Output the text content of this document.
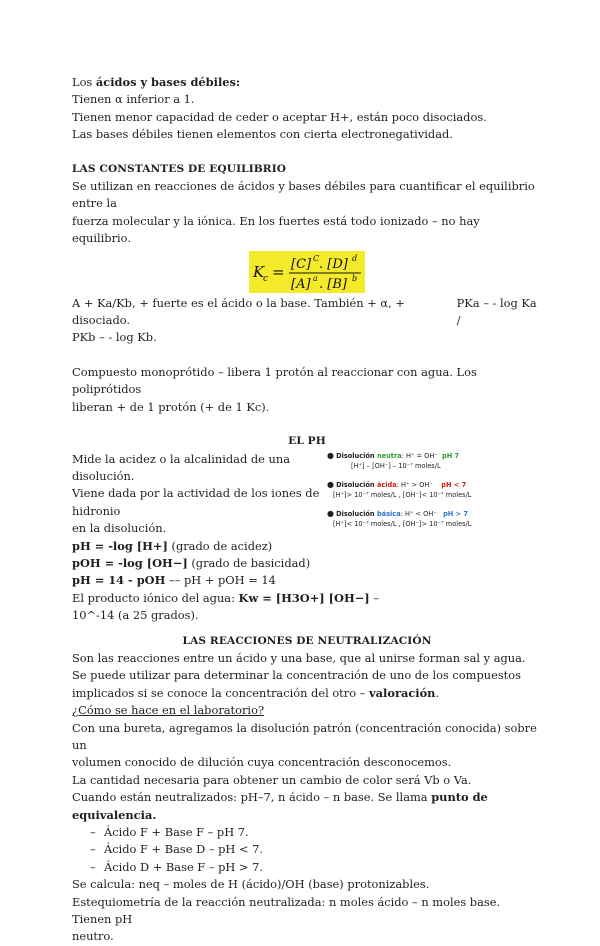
Los ácidos y bases débiles:

Tienen α inferior a 1.

Tienen menor capacidad de ceder o aceptar H+, están poco disociados.

Las bases débiles tienen elementos con cierta electronegatividad.

LAS CONSTANTES DE EQUILIBRIO

Se utilizan en reacciones de ácidos y bases débiles para cuantificar el equilibrio entre la

fuerza molecular y la iónica. En los fuertes está todo ionizado – no hay equilibrio.

K
c = [C] C . [D] d
[A] a . [B] b
A + Ka/Kb, + fuerte es el ácido o la base. También + α, + disociado.
PKa – - log Ka /

PKb – - log Kb.

Compuesto monoprótido – libera 1 protón al reaccionar con agua. Los poliprótidos

liberan + de 1 protón (+ de 1 Kc).

EL PH

Mide la acidez o la alcalinidad de una disolución.

Viene dada por la actividad de los iones de hidronio

en la disolución.

pH = -log [H+] (grado de acidez)

pOH = -log [OH−] (grado de basicidad)

pH = 14 - pOH –– pH + pOH = 14

El producto iónico del agua: Kw = [H3O+] [OH−] –

10^-14 (a 25 grados).

● Disolución neutra: H⁺ = OH⁻ pH 7
[H⁺] – [OH⁻] – 10⁻⁷ moles/L
● Disolución ácida: H⁺ > OH⁻ pH < 7
[H⁺]> 10⁻⁷ moles/L , [OH⁻]< 10⁻⁷ moles/L
● Disolución básica: H⁺ < OH⁻ pH > 7
[H⁺]< 10⁻⁷ moles/L , [OH⁻]> 10⁻⁷ moles/L

LAS REACCIONES DE NEUTRALIZACIÓN

Son las reacciones entre un ácido y una base, que al unirse forman sal y agua.

Se puede utilizar para determinar la concentración de uno de los compuestos

implicados si se conoce la concentración del otro – valoración.

¿Cómo se hace en el laboratorio?

Con una bureta, agregamos la disolución patrón (concentración conocida) sobre un

volumen conocido de dilución cuya concentración desconocemos.

La cantidad necesaria para obtener un cambio de color será Vb o Va.

Cuando están neutralizados: pH–7, n ácido – n base. Se llama punto de equivalencia.

– Ácido F + Base F – pH 7.
– Ácido F + Base D – pH < 7.
– Ácido D + Base F – pH > 7.

Se calcula: neq – moles de H (ácido)/OH (base) protonizables.

Estequiometría de la reacción neutralizada: n moles ácido – n moles base. Tienen pH

neutro.
